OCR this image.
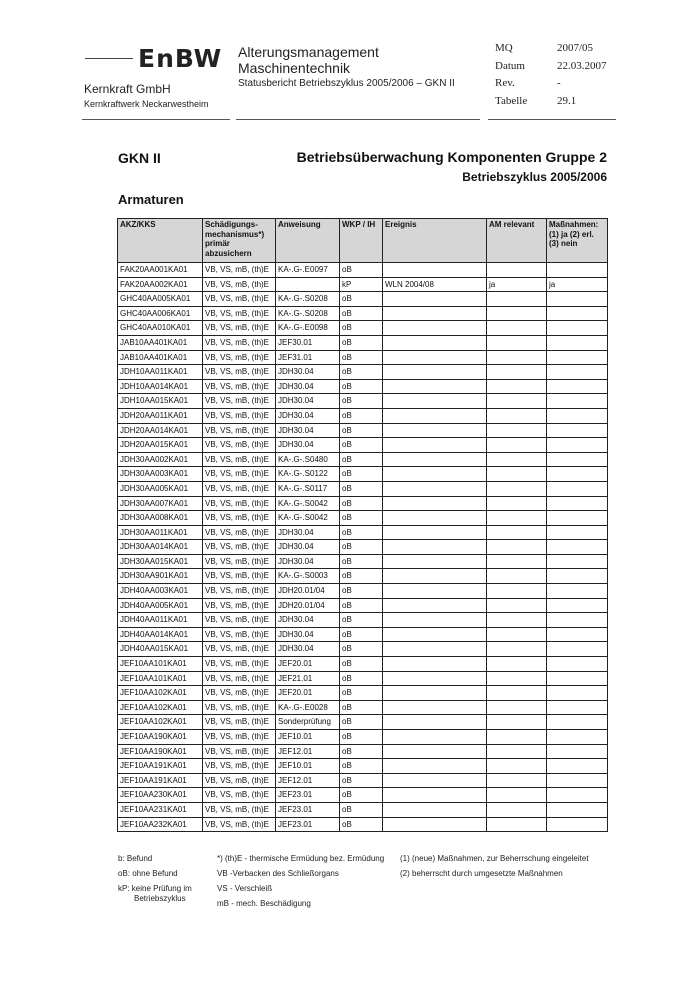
EnBW
Kernkraft GmbH
Kernkraftwerk Neckarwestheim
Alterungsmanagement
Maschinentechnik
Statusbericht Betriebszyklus 2005/2006 – GKN II
MQ	2007/05
Datum	22.03.2007
Rev.	-
Tabelle	29.1
GKN II	Betriebsüberwachung Komponenten Gruppe 2
Betriebszyklus 2005/2006
Armaturen
AKZ/KKS	Schädigungs-mechanismus*) primär abzusichern	Anweisung	WKP / IH	Ereignis	AM relevant	Maßnahmen: (1) ja (2) erl. (3) nein
FAK20AA001KA01	VB, VS, mB, (th)E	KA-.G-.E0097	oB			
FAK20AA002KA01	VB, VS, mB, (th)E		kP	WLN 2004/08	ja	ja
GHC40AA005KA01	VB, VS, mB, (th)E	KA-.G-.S0208	oB			
GHC40AA006KA01	VB, VS, mB, (th)E	KA-.G-.S0208	oB			
GHC40AA010KA01	VB, VS, mB, (th)E	KA-.G-.E0098	oB			
JAB10AA401KA01	VB, VS, mB, (th)E	JEF30.01	oB			
JAB10AA401KA01	VB, VS, mB, (th)E	JEF31.01	oB			
JDH10AA011KA01	VB, VS, mB, (th)E	JDH30.04	oB			
JDH10AA014KA01	VB, VS, mB, (th)E	JDH30.04	oB			
JDH10AA015KA01	VB, VS, mB, (th)E	JDH30.04	oB			
JDH20AA011KA01	VB, VS, mB, (th)E	JDH30.04	oB			
JDH20AA014KA01	VB, VS, mB, (th)E	JDH30.04	oB			
JDH20AA015KA01	VB, VS, mB, (th)E	JDH30.04	oB			
JDH30AA002KA01	VB, VS, mB, (th)E	KA-.G-.S0480	oB			
JDH30AA003KA01	VB, VS, mB, (th)E	KA-.G-.S0122	oB			
JDH30AA005KA01	VB, VS, mB, (th)E	KA-.G-.S0117	oB			
JDH30AA007KA01	VB, VS, mB, (th)E	KA-.G-.S0042	oB			
JDH30AA008KA01	VB, VS, mB, (th)E	KA-.G-.S0042	oB			
JDH30AA011KA01	VB, VS, mB, (th)E	JDH30.04	oB			
JDH30AA014KA01	VB, VS, mB, (th)E	JDH30.04	oB			
JDH30AA015KA01	VB, VS, mB, (th)E	JDH30.04	oB			
JDH30AA901KA01	VB, VS, mB, (th)E	KA-.G-.S0003	oB			
JDH40AA003KA01	VB, VS, mB, (th)E	JDH20.01/04	oB			
JDH40AA005KA01	VB, VS, mB, (th)E	JDH20.01/04	oB			
JDH40AA011KA01	VB, VS, mB, (th)E	JDH30.04	oB			
JDH40AA014KA01	VB, VS, mB, (th)E	JDH30.04	oB			
JDH40AA015KA01	VB, VS, mB, (th)E	JDH30.04	oB			
JEF10AA101KA01	VB, VS, mB, (th)E	JEF20.01	oB			
JEF10AA101KA01	VB, VS, mB, (th)E	JEF21.01	oB			
JEF10AA102KA01	VB, VS, mB, (th)E	JEF20.01	oB			
JEF10AA102KA01	VB, VS, mB, (th)E	KA-.G-.E0028	oB			
JEF10AA102KA01	VB, VS, mB, (th)E	Sonderprüfung	oB			
JEF10AA190KA01	VB, VS, mB, (th)E	JEF10.01	oB			
JEF10AA190KA01	VB, VS, mB, (th)E	JEF12.01	oB			
JEF10AA191KA01	VB, VS, mB, (th)E	JEF10.01	oB			
JEF10AA191KA01	VB, VS, mB, (th)E	JEF12.01	oB			
JEF10AA230KA01	VB, VS, mB, (th)E	JEF23.01	oB			
JEF10AA231KA01	VB, VS, mB, (th)E	JEF23.01	oB			
JEF10AA232KA01	VB, VS, mB, (th)E	JEF23.01	oB			
b: Befund
oB: ohne Befund
kP: keine Prüfung im
Betriebszyklus
*) (th)E - thermische Ermüdung bez. Ermüdung
VB -Verbacken des Schließorgans
VS - Verschleiß
mB - mech. Beschädigung
(1) (neue) Maßnahmen, zur Beherrschung eingeleitet
(2) beherrscht durch umgesetzte Maßnahmen
